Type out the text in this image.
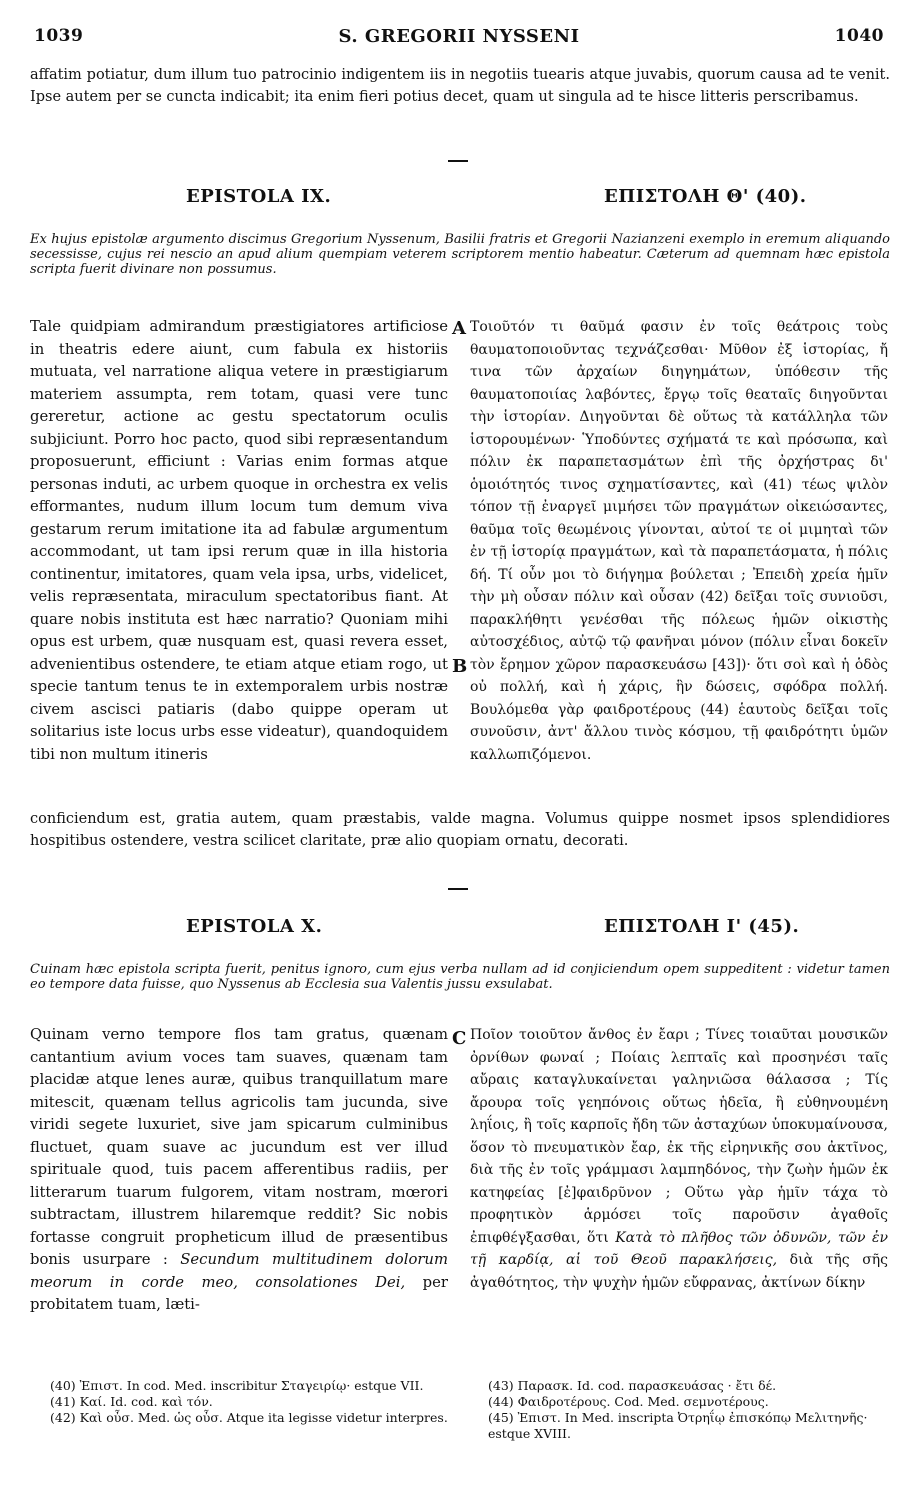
1039	S. GREGORII NYSSENI	1040
affatim potiatur, dum illum tuo patrocinio indigentem iis in negotiis tuearis atque juvabis, quorum causa ad te venit. Ipse autem per se cuncta indicabit; ita enim fieri potius decet, quam ut singula ad te hisce litteris perscribamus.
EPISTOLA IX.	ΕΠΙΣΤΟΛΗ Θ' (40).
Ex hujus epistolæ argumento discimus Gregorium Nyssenum, Basilii fratris et Gregorii Nazianzeni exemplo in eremum aliquando secessisse, cujus rei nescio an apud alium quempiam veterem scriptorem mentio habeatur. Cæterum ad quemnam hæc epistola scripta fuerit divinare non possumus.
Tale quidpiam admirandum præstigiatores artificiose in theatris edere aiunt, cum fabula ex historiis mutuata, vel narratione aliqua vetere in præstigiarum materiem assumpta, rem totam, quasi vere tunc gereretur, actione ac gestu spectatorum oculis subjiciunt. Porro hoc pacto, quod sibi repræsentandum proposuerunt, efficiunt : Varias enim formas atque personas induti, ac urbem quoque in orchestra ex velis efformantes, nudum illum locum tum demum viva gestarum rerum imitatione ita ad fabulæ argumentum accommodant, ut tam ipsi rerum quæ in illa historia continentur, imitatores, quam vela ipsa, urbs, videlicet, velis repræsentata, miraculum spectatoribus fiant. At quare nobis instituta est hæc narratio? Quoniam mihi opus est urbem, quæ nusquam est, quasi revera esset, advenientibus ostendere, te etiam atque etiam rogo, ut specie tantum tenus te in extemporalem urbis nostræ civem ascisci patiaris (dabo quippe operam ut solitarius iste locus urbs esse videatur), quandoquidem tibi non multum itineris
A
B
Τοιοῦτόν τι θαῦμά φασιν ἐν τοῖς θεάτροις τοὺς θαυματοποιοῦντας τεχνάζεσθαι· Μῦθον ἐξ ἱστορίας, ἤ τινα τῶν ἀρχαίων διηγημάτων, ὑπόθεσιν τῆς θαυματοποιίας λαβόντες, ἔργῳ τοῖς θεαταῖς διηγοῦνται τὴν ἱστορίαν. Διηγοῦνται δὲ οὕτως τὰ κατάλληλα τῶν ἱστορουμένων· Ὑποδύντες σχήματά τε καὶ πρόσωπα, καὶ πόλιν ἐκ παραπετασμάτων ἐπὶ τῆς ὀρχήστρας δι' ὁμοιότητός τινος σχηματίσαντες, καὶ (41) τέως ψιλὸν τόπον τῇ ἐναργεῖ μιμήσει τῶν πραγμάτων οἰκειώσαντες, θαῦμα τοῖς θεωμένοις γίνονται, αὐτοί τε οἱ μιμηταὶ τῶν ἐν τῇ ἱστορίᾳ πραγμάτων, καὶ τὰ παραπετάσματα, ἡ πόλις δή. Τί οὖν μοι τὸ διήγημα βούλεται ; Ἐπειδὴ χρεία ἡμῖν τὴν μὴ οὖσαν πόλιν καὶ οὖσαν (42) δεῖξαι τοῖς συνιοῦσι, παρακλήθητι γενέσθαι τῆς πόλεως ἡμῶν οἰκιστὴς αὐτοσχέδιος, αὐτῷ τῷ φανῆναι μόνον (πόλιν εἶναι δοκεῖν τὸν ἔρημον χῶρον παρασκευάσω [43])· ὅτι σοὶ καὶ ἡ ὁδὸς οὐ πολλή, καὶ ἡ χάρις, ἣν δώσεις, σφόδρα πολλή. Βουλόμεθα γὰρ φαιδροτέρους (44) ἑαυτοὺς δεῖξαι τοῖς συνοῦσιν, ἀντ' ἄλλου τινὸς κόσμου, τῇ φαιδρότητι ὑμῶν καλλωπιζόμενοι.
conficiendum est, gratia autem, quam præstabis, valde magna. Volumus quippe nosmet ipsos splendidiores hospitibus ostendere, vestra scilicet claritate, præ alio quopiam ornatu, decorati.
EPISTOLA X.	ΕΠΙΣΤΟΛΗ Ι' (45).
Cuinam hæc epistola scripta fuerit, penitus ignoro, cum ejus verba nullam ad id conjiciendum opem suppeditent : videtur tamen eo tempore data fuisse, quo Nyssenus ab Ecclesia sua Valentis jussu exsulabat.
Quinam verno tempore flos tam gratus, quænam cantantium avium voces tam suaves, quænam tam placidæ atque lenes auræ, quibus tranquillatum mare mitescit, quænam tellus agricolis tam jucunda, sive viridi segete luxuriet, sive jam spicarum culminibus fluctuet, quam suave ac jucundum est ver illud spirituale quod, tuis pacem afferentibus radiis, per litterarum tuarum fulgorem, vitam nostram, mœrori subtractam, illustrem hilaremque reddit? Sic nobis fortasse congruit propheticum illud de præsentibus bonis usurpare : Secundum multitudinem dolorum meorum in corde meo, consolationes Dei, per probitatem tuam, læti-
C Ποῖον τοιοῦτον ἄνθος ἐν ἔαρι ; Τίνες τοιαῦται μουσικῶν ὀρνίθων φωναί ; Ποίαις λεπταῖς καὶ προσηνέσι ταῖς αὔραις καταγλυκαίνεται γαληνιῶσα θάλασσα ; Τίς ἄρουρα τοῖς γεηπόνοις οὕτως ἡδεῖα, ἢ εὐθηνουμένη ληΐοις, ἢ τοῖς καρποῖς ἤδη τῶν ἀσταχύων ὑποκυμαίνουσα, ὅσον τὸ πνευματικὸν ἔαρ, ἐκ τῆς εἰρηνικῆς σου ἀκτῖνος, διὰ τῆς ἐν τοῖς γράμμασι λαμπηδόνος, τὴν ζωὴν ἡμῶν ἐκ κατηφείας [ἐ]φαιδρῦνον ; Οὕτω γὰρ ἡμῖν τάχα τὸ προφητικὸν ἁρμόσει τοῖς παροῦσιν ἀγαθοῖς ἐπιφθέγξασθαι, ὅτι Κατὰ τὸ πλῆθος τῶν ὀδυνῶν, τῶν ἐν τῇ καρδίᾳ, αἱ τοῦ Θεοῦ παρακλήσεις, διὰ τῆς σῆς ἀγαθότητος, τὴν ψυχὴν ἡμῶν εὔφρανας, ἀκτίνων δίκην
(40) Ἐπιστ. In cod. Med. inscribitur Σταγειρίῳ· estque VII.
(41) Καί. Id. cod. καὶ τόν.
(42) Καὶ οὖσ. Med. ὡς οὖσ. Atque ita legisse videtur interpres.
(43) Παρασκ. Id. cod. παρασκευάσας · ἔτι δέ.
(44) Φαιδροτέρους. Cod. Med. σεμνοτέρους.
(45) Ἐπιστ. In Med. inscripta Ὀτρηΐῳ ἐπισκόπῳ Μελιτηνῆς· estque XVIII.
